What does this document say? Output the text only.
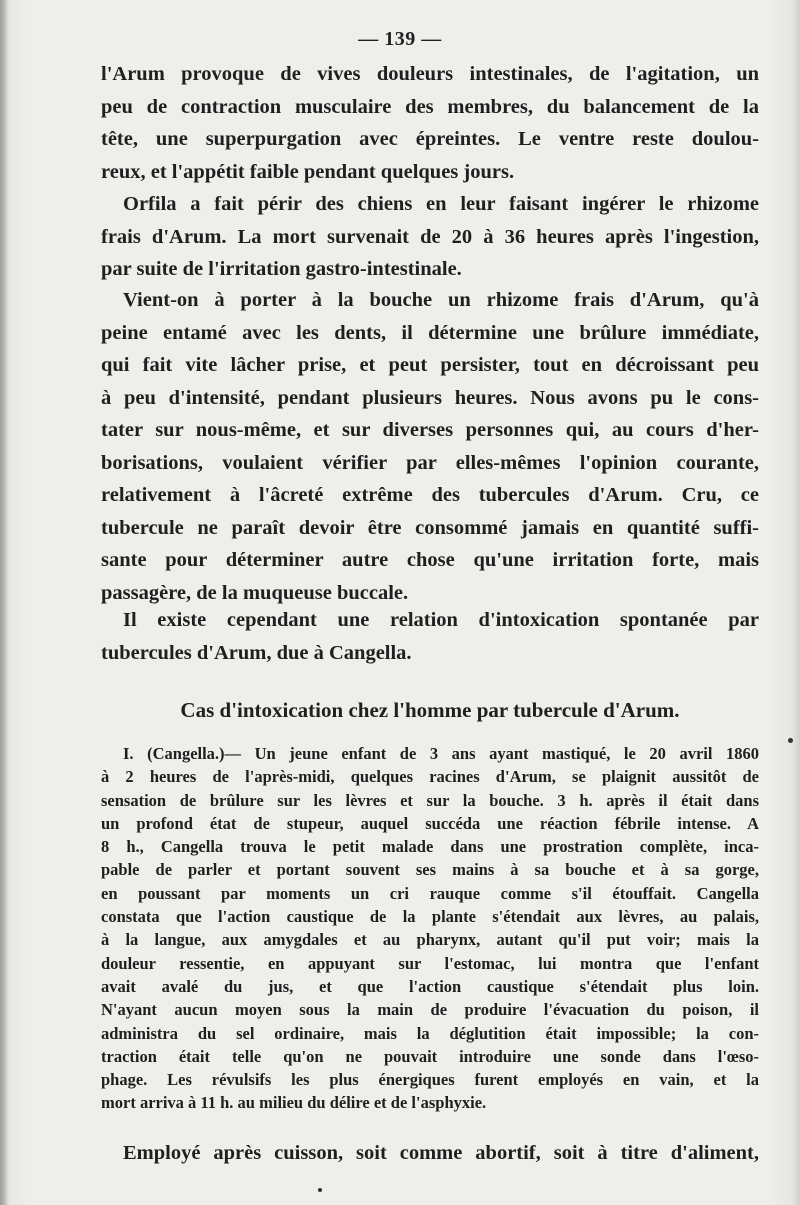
— 139 —
l'Arum provoque de vives douleurs intestinales, de l'agitation, un
peu de contraction musculaire des membres, du balancement de la
tête, une superpurgation avec épreintes. Le ventre reste doulou-
reux, et l'appétit faible pendant quelques jours.
Orfila a fait périr des chiens en leur faisant ingérer le rhizome
frais d'Arum. La mort survenait de 20 à 36 heures après l'ingestion,
par suite de l'irritation gastro-intestinale.
Vient-on à porter à la bouche un rhizome frais d'Arum, qu'à
peine entamé avec les dents, il détermine une brûlure immédiate,
qui fait vite lâcher prise, et peut persister, tout en décroissant peu
à peu d'intensité, pendant plusieurs heures. Nous avons pu le cons-
tater sur nous-même, et sur diverses personnes qui, au cours d'her-
borisations, voulaient vérifier par elles-mêmes l'opinion courante,
relativement à l'âcreté extrême des tubercules d'Arum. Cru, ce
tubercule ne paraît devoir être consommé jamais en quantité suffi-
sante pour déterminer autre chose qu'une irritation forte, mais
passagère, de la muqueuse buccale.
Il existe cependant une relation d'intoxication spontanée par
tubercules d'Arum, due à Cangella.
Cas d'intoxication chez l'homme par tubercule d'Arum.
I. (Cangella.)— Un jeune enfant de 3 ans ayant mastiqué, le 20 avril 1860
à 2 heures de l'après-midi, quelques racines d'Arum, se plaignit aussitôt de
sensation de brûlure sur les lèvres et sur la bouche. 3 h. après il était dans
un profond état de stupeur, auquel succéda une réaction fébrile intense. A
8 h., Cangella trouva le petit malade dans une prostration complète, inca-
pable de parler et portant souvent ses mains à sa bouche et à sa gorge,
en poussant par moments un cri rauque comme s'il étouffait. Cangella
constata que l'action caustique de la plante s'étendait aux lèvres, au palais,
à la langue, aux amygdales et au pharynx, autant qu'il put voir; mais la
douleur ressentie, en appuyant sur l'estomac, lui montra que l'enfant
avait avalé du jus, et que l'action caustique s'étendait plus loin.
N'ayant aucun moyen sous la main de produire l'évacuation du poison, il
administra du sel ordinaire, mais la déglutition était impossible; la con-
traction était telle qu'on ne pouvait introduire une sonde dans l'œso-
phage. Les révulsifs les plus énergiques furent employés en vain, et la
mort arriva à 11 h. au milieu du délire et de l'asphyxie.
Employé après cuisson, soit comme abortif, soit à titre d'aliment,
